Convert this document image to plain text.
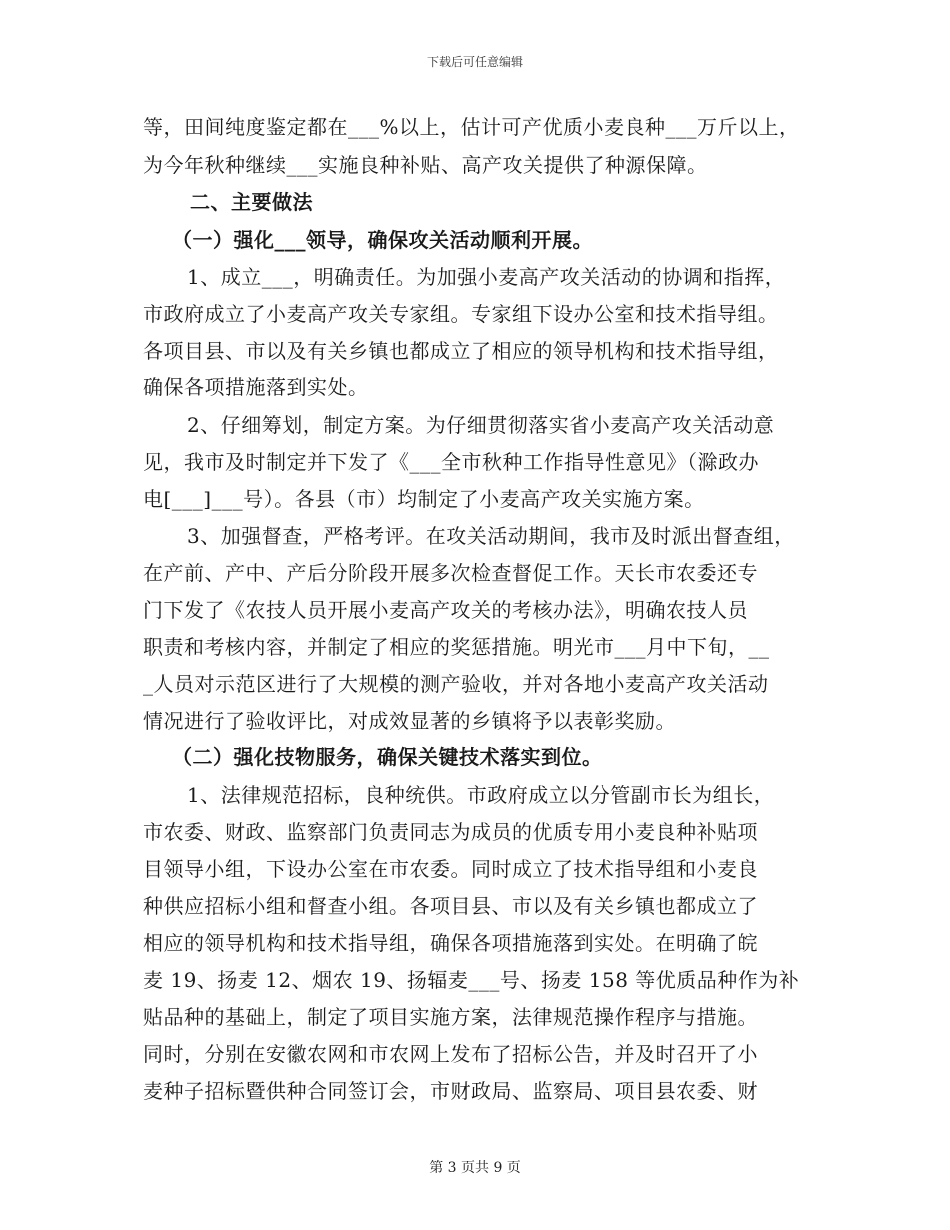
下载后可任意编辑
等，田间纯度鉴定都在___%以上，估计可产优质小麦良种___万斤以上，
为今年秋种继续___实施良种补贴、高产攻关提供了种源保障。
二、主要做法
（一）强化___领导，确保攻关活动顺利开展。
1、成立___，明确责任。为加强小麦高产攻关活动的协调和指挥，
市政府成立了小麦高产攻关专家组。专家组下设办公室和技术指导组。
各项目县、市以及有关乡镇也都成立了相应的领导机构和技术指导组，
确保各项措施落到实处。
2、仔细筹划，制定方案。为仔细贯彻落实省小麦高产攻关活动意
见，我市及时制定并下发了《___全市秋种工作指导性意见》（滁政办
电[___]___号）。各县（市）均制定了小麦高产攻关实施方案。
3、加强督查，严格考评。在攻关活动期间，我市及时派出督查组，
在产前、产中、产后分阶段开展多次检查督促工作。天长市农委还专
门下发了《农技人员开展小麦高产攻关的考核办法》，明确农技人员
职责和考核内容，并制定了相应的奖惩措施。明光市___月中下旬，__
_人员对示范区进行了大规模的测产验收，并对各地小麦高产攻关活动
情况进行了验收评比，对成效显著的乡镇将予以表彰奖励。
（二）强化技物服务，确保关键技术落实到位。
1、法律规范招标，良种统供。市政府成立以分管副市长为组长，
市农委、财政、监察部门负责同志为成员的优质专用小麦良种补贴项
目领导小组，下设办公室在市农委。同时成立了技术指导组和小麦良
种供应招标小组和督查小组。各项目县、市以及有关乡镇也都成立了
相应的领导机构和技术指导组，确保各项措施落到实处。在明确了皖
麦 19、扬麦 12、烟农 19、扬辐麦___号、扬麦 158 等优质品种作为补
贴品种的基础上，制定了项目实施方案，法律规范操作程序与措施。
同时，分别在安徽农网和市农网上发布了招标公告，并及时召开了小
麦种子招标暨供种合同签订会，市财政局、监察局、项目县农委、财
第 3 页共 9 页
